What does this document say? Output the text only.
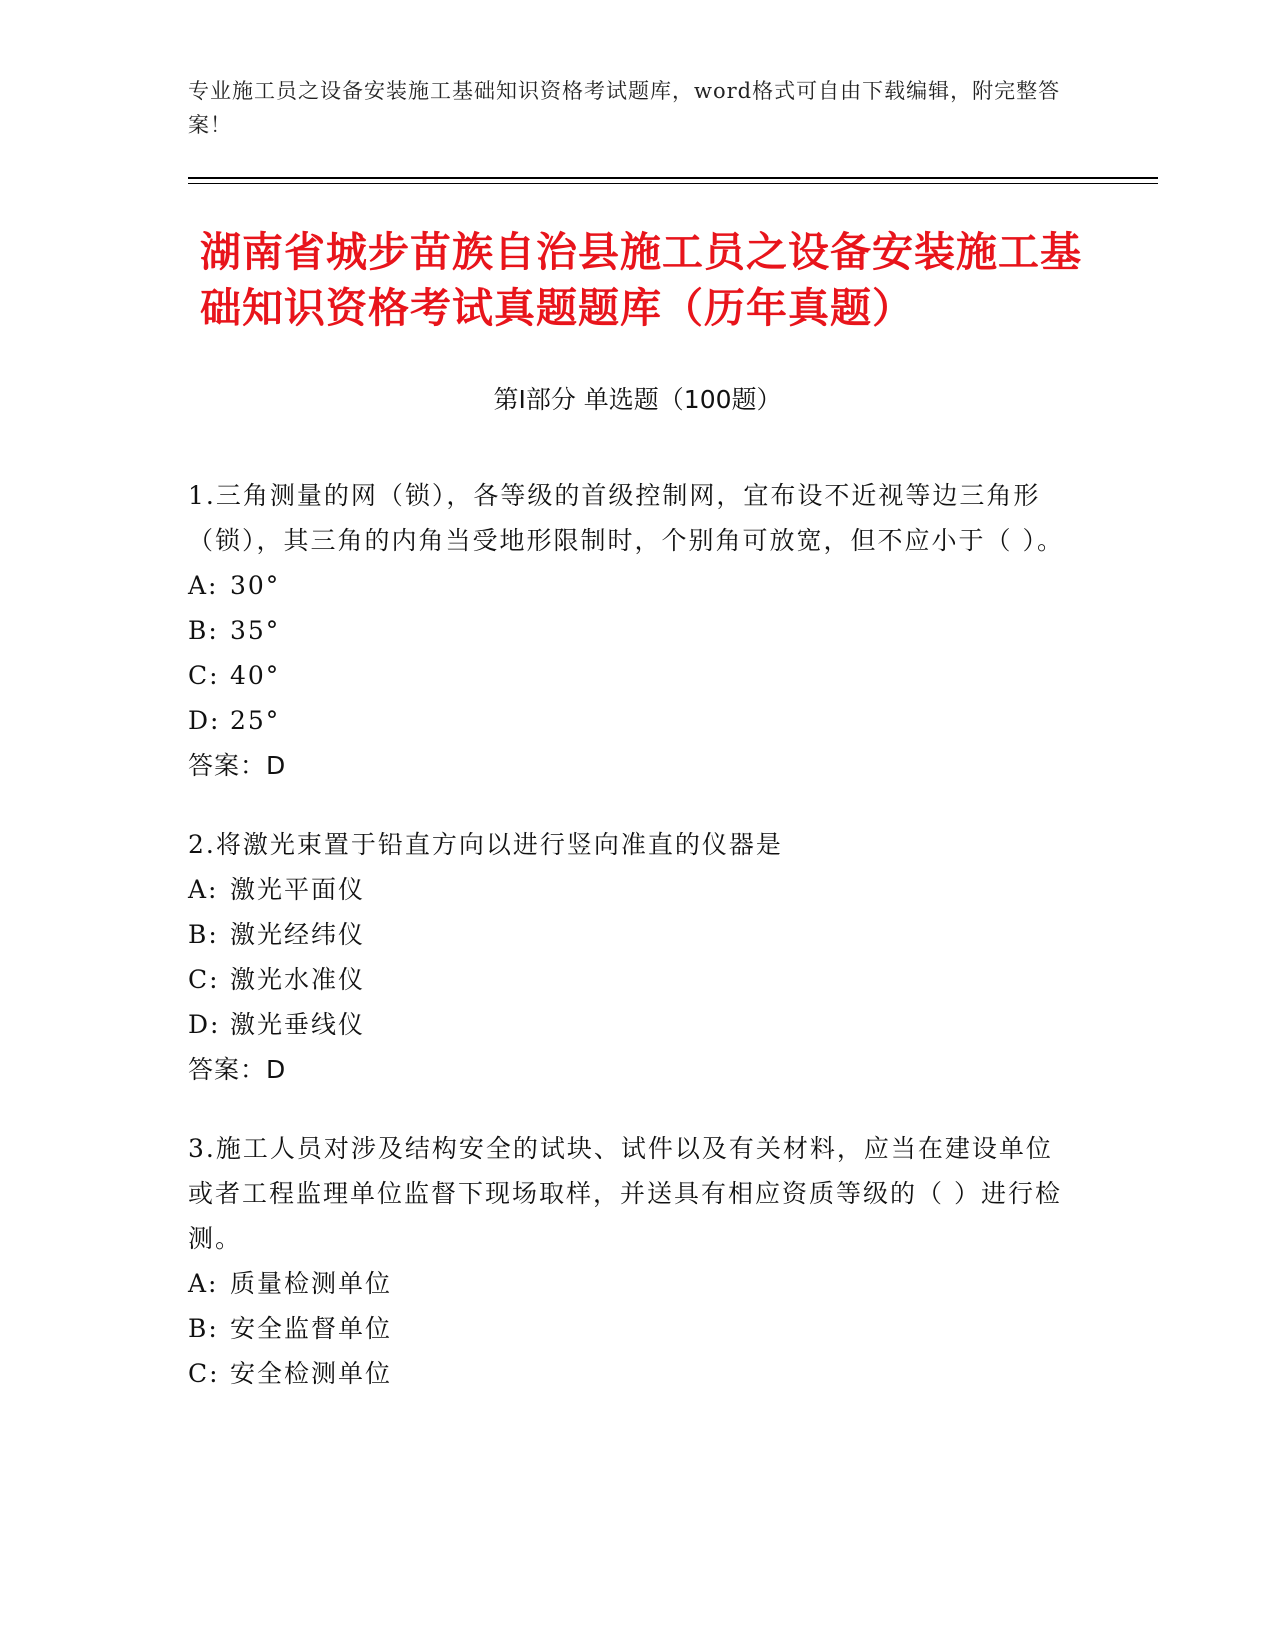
专业施工员之设备安装施工基础知识资格考试题库，word格式可自由下载编辑，附完整答案！
湖南省城步苗族自治县施工员之设备安装施工基础知识资格考试真题题库（历年真题）
第Ⅰ部分 单选题（100题）
1.三角测量的网（锁），各等级的首级控制网，宜布设不近视等边三角形（锁），其三角的内角当受地形限制时，个别角可放宽，但不应小于（ ）。
A: 30°
B: 35°
C: 40°
D: 25°
答案：D
2.将激光束置于铅直方向以进行竖向准直的仪器是
A: 激光平面仪
B: 激光经纬仪
C: 激光水准仪
D: 激光垂线仪
答案：D
3.施工人员对涉及结构安全的试块、试件以及有关材料，应当在建设单位或者工程监理单位监督下现场取样，并送具有相应资质等级的（ ）进行检测。
A: 质量检测单位
B: 安全监督单位
C: 安全检测单位
